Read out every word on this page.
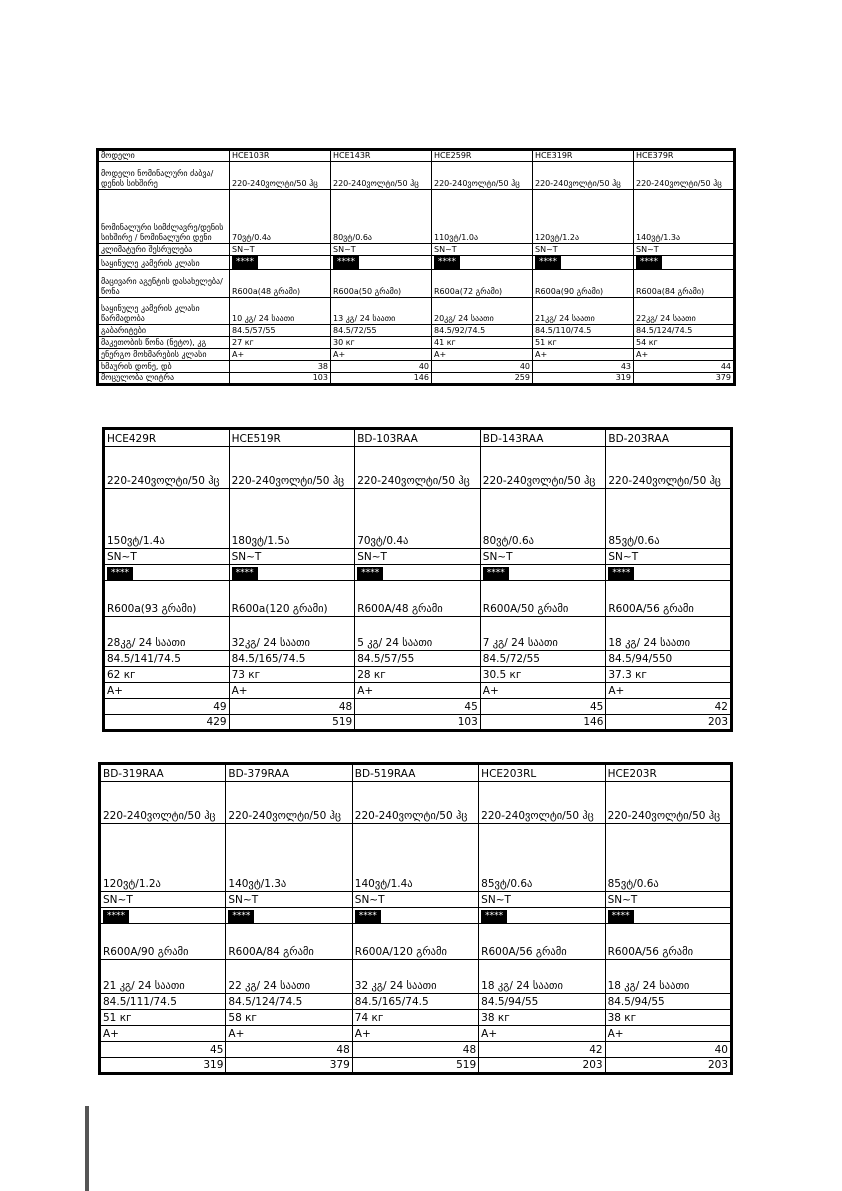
მოდელი	HCE103R	HCE143R	HCE259R	HCE319R	HCE379R
მოდელი ნომინალური ძაბვა/დენის სიხშირე	220-240ვოლტი/50 ჰც	220-240ვოლტი/50 ჰც	220-240ვოლტი/50 ჰც	220-240ვოლტი/50 ჰც	220-240ვოლტი/50 ჰც
ნომინალური სიმძლავრე/დენის სიხშირე / ნომინალური დენი	70ვტ/0.4ა	80ვტ/0.6ა	110ვტ/1.0ა	120ვტ/1.2ა	140ვტ/1.3ა
კლიმატური შესრულება	SN~T	SN~T	SN~T	SN~T	SN~T
საყინულე კამერის კლასი	****	****	****	****	****
მაცივარი აგენტის დასახელება/წონა	R600a(48 გრამი)	R600a(50 გრამი)	R600a(72 გრამი)	R600a(90 გრამი)	R600a(84 გრამი)
საყინულე კამერის კლასი წარმადობა	10 კგ/ 24 საათი	13 კგ/ 24 საათი	20კგ/ 24 საათი	21კგ/ 24 საათი	22კგ/ 24 საათი
გაბარიტები	84.5/57/55	84.5/72/55	84.5/92/74.5	84.5/110/74.5	84.5/124/74.5
მაკეთობის წონა (ნეტო), კგ	27 кг	30 кг	41 кг	51 кг	54 кг
ენერგო მოხმარების კლასი	A+	A+	A+	A+	A+
ხმაურის დონე, დბ	38	40	40	43	44
მოცულობა ლიტრა	103	146	259	319	379
HCE429R	HCE519R	BD-103RAA	BD-143RAA	BD-203RAA
220-240ვოლტი/50 ჰც	220-240ვოლტი/50 ჰც	220-240ვოლტი/50 ჰც	220-240ვოლტი/50 ჰც	220-240ვოლტი/50 ჰც
150ვტ/1.4ა	180ვტ/1.5ა	70ვტ/0.4ა	80ვტ/0.6ა	85ვტ/0.6ა
SN~T	SN~T	SN~T	SN~T	SN~T
****	****	****	****	****
R600a(93 გრამი)	R600a(120 გრამი)	R600A/48 გრამი	R600A/50 გრამი	R600A/56 გრამი
28კგ/ 24 საათი	32კგ/ 24 საათი	5 კგ/ 24 საათი	7 კგ/ 24 საათი	18 კგ/ 24 საათი
84.5/141/74.5	84.5/165/74.5	84.5/57/55	84.5/72/55	84.5/94/550
62 кг	73 кг	28 кг	30.5 кг	37.3 кг
A+	A+	A+	A+	A+
49	48	45	45	42
429	519	103	146	203
BD-319RAA	BD-379RAA	BD-519RAA	HCE203RL	HCE203R
220-240ვოლტი/50 ჰც	220-240ვოლტი/50 ჰც	220-240ვოლტი/50 ჰც	220-240ვოლტი/50 ჰც	220-240ვოლტი/50 ჰც
120ვტ/1.2ა	140ვტ/1.3ა	140ვტ/1.4ა	85ვტ/0.6ა	85ვტ/0.6ა
SN~T	SN~T	SN~T	SN~T	SN~T
****	****	****	****	****
R600A/90 გრამი	R600A/84 გრამი	R600A/120 გრამი	R600A/56 გრამი	R600A/56 გრამი
21 კგ/ 24 საათი	22 კგ/ 24 საათი	32 კგ/ 24 საათი	18 კგ/ 24 საათი	18 კგ/ 24 საათი
84.5/111/74.5	84.5/124/74.5	84.5/165/74.5	84.5/94/55	84.5/94/55
51 кг	58 кг	74 кг	38 кг	38 кг
A+	A+	A+	A+	A+
45	48	48	42	40
319	379	519	203	203
